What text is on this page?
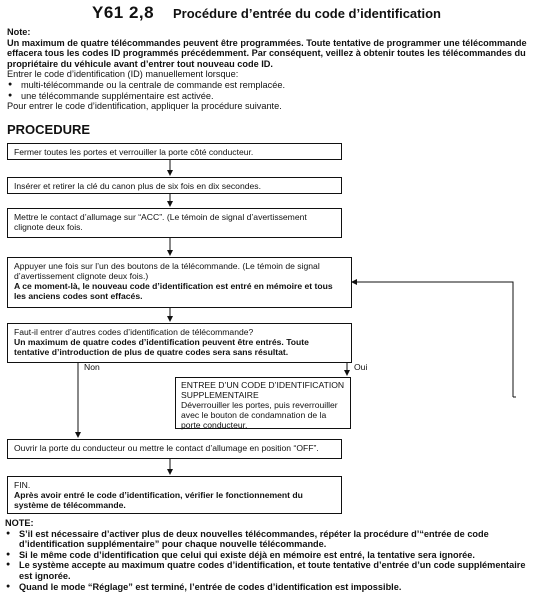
Y61 2,8 Procédure d’entrée du code d’identification
Note:
Un maximum de quatre télécommandes peuvent être programmées. Toute tentative de programmer une télécommande effacera tous les codes ID programmés précédemment. Par conséquent, veillez à obtenir toutes les télécommandes du propriétaire du véhicule avant d’entrer tout nouveau code ID.
Entrer le code d’identification (ID) manuellement lorsque:
● multi-télécommande ou la centrale de commande est remplacée.
● une télécommande supplémentaire est activée.
Pour entrer le code d’identification, appliquer la procédure suivante.
PROCEDURE

Fermer toutes les portes et verrouiller la porte côté conducteur.

Insérer et retirer la clé du canon plus de six fois en dix secondes.

Mettre le contact d’allumage sur “ACC”. (Le témoin de signal d’avertissement clignote deux fois.

Appuyer une fois sur l’un des boutons de la télécommande. (Le témoin de signal d’avertissement clignote deux fois.)

A ce moment-là, le nouveau code d’identification est entré en mémoire et tous les anciens codes sont effacés.

Faut-il entrer d’autres codes d’identification de télécommande?

Un maximum de quatre codes d’identification peuvent être entrés. Toute tentative d’introduction de plus de quatre codes sera sans résultat.

Non	Oui

ENTREE D’UN CODE D’IDENTIFICATION SUPPLEMENTAIRE

Déverrouiller les portes, puis reverrouiller avec le bouton de condamnation de la porte conducteur.

Ouvrir la porte du conducteur ou mettre le contact d’allumage en position “OFF”.

FIN.

Après avoir entré le code d’identification, vérifier le fonctionnement du système de télécommande.

NOTE:
● S’il est nécessaire d’activer plus de deux nouvelles télécommandes, répéter la procédure d’“entrée de code d’identification supplémentaire” pour chaque nouvelle télécommande.
● Si le même code d’identification que celui qui existe déjà en mémoire est entré, la tentative sera ignorée.
● Le système accepte au maximum quatre codes d’identification, et toute tentative d’entrée d’un code supplémentaire est ignorée.
● Quand le mode “Réglage” est terminé, l’entrée de codes d’identification est impossible.
